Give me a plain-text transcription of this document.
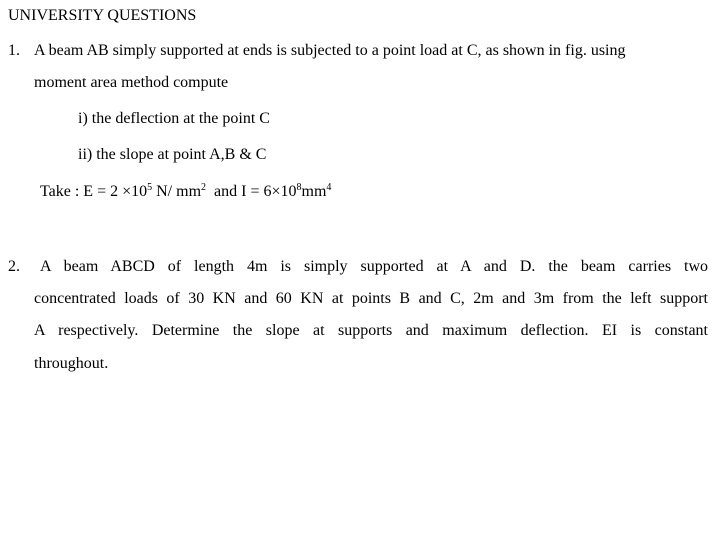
UNIVERSITY QUESTIONS
1. A beam AB simply supported at ends is subjected to a point load at C, as shown in fig. using
moment area method compute
i) the deflection at the point C
ii) the slope at point A,B & C
Take : $E = 2 \times 10^5$ N/ $mm^2$  and $I = 6\times 10^8mm^4$
2. A beam ABCD of length 4m is simply supported at A and D. the beam carries two
concentrated loads of 30 KN and 60 KN at points B and C, 2m and 3m from the left support
A respectively. Determine the slope at supports and maximum deflection. EI is constant
throughout.
